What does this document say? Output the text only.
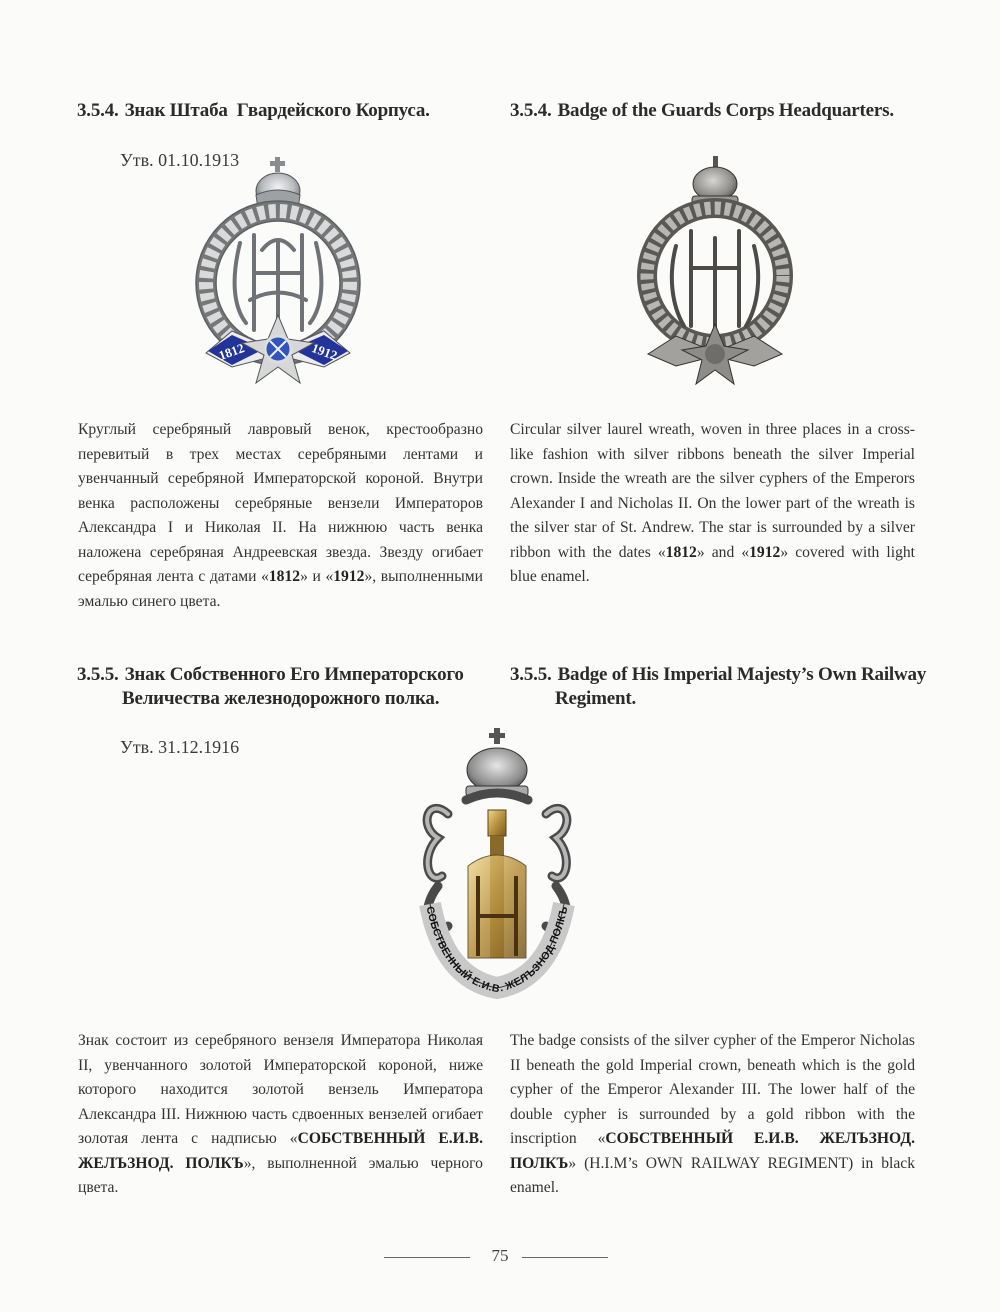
3.5.4. Знак Штаба  Гвардейского Корпуса.	3.5.4. Badge of the Guards Corps Headquarters.
Утв. 01.10.1913
1812	1912
Круглый серебряный лавровый венок, крестообразно перевитый в трех местах серебряными лентами и увенчанный серебряной Императорской короной. Внутри венка расположены серебряные вензели Императоров Александра I и Николая II. На нижнюю часть венка наложена серебряная Андреевская звезда. Звезду огибает серебряная лента с датами «1812» и «1912», выполненными эмалью синего цвета.
Circular silver laurel wreath, woven in three places in a cross-like fashion with silver ribbons beneath the silver Imperial crown. Inside the wreath are the silver cyphers of the Emperors Alexander I and Nicholas II. On the lower part of the wreath is the silver star of St. Andrew. The star is surrounded by a silver ribbon with the dates «1812» and «1912» covered with light blue enamel.
3.5.5. Знак Собственного Его Императорского
Величества железнодорожного полка.
3.5.5. Badge of His Imperial Majesty’s Own Railway
Regiment.
Утв. 31.12.1916
СОБСТВЕННЫЙ Е.И.В. ЖЕЛЪЗНОД.ПОЛКЪ
Знак состоит из серебряного вензеля Императора Николая II, увенчанного золотой Императорской короной, ниже которого находится золотой вензель Императора Александра III. Нижнюю часть сдвоенных вензелей огибает золотая лента с надписью «СОБСТВЕННЫЙ Е.И.В. ЖЕЛЪЗНОД. ПОЛКЪ», выполненной эмалью черного цвета.
The badge consists of the silver cypher of the Emperor Nicholas II beneath the gold Imperial crown, beneath which is the gold cypher of the Emperor Alexander III. The lower half of the double cypher is surrounded by a gold ribbon with the inscription «СОБСТВЕННЫЙ Е.И.В. ЖЕЛЪЗНОД. ПОЛКЪ» (H.I.M’s OWN RAILWAY REGIMENT) in black enamel.
75
